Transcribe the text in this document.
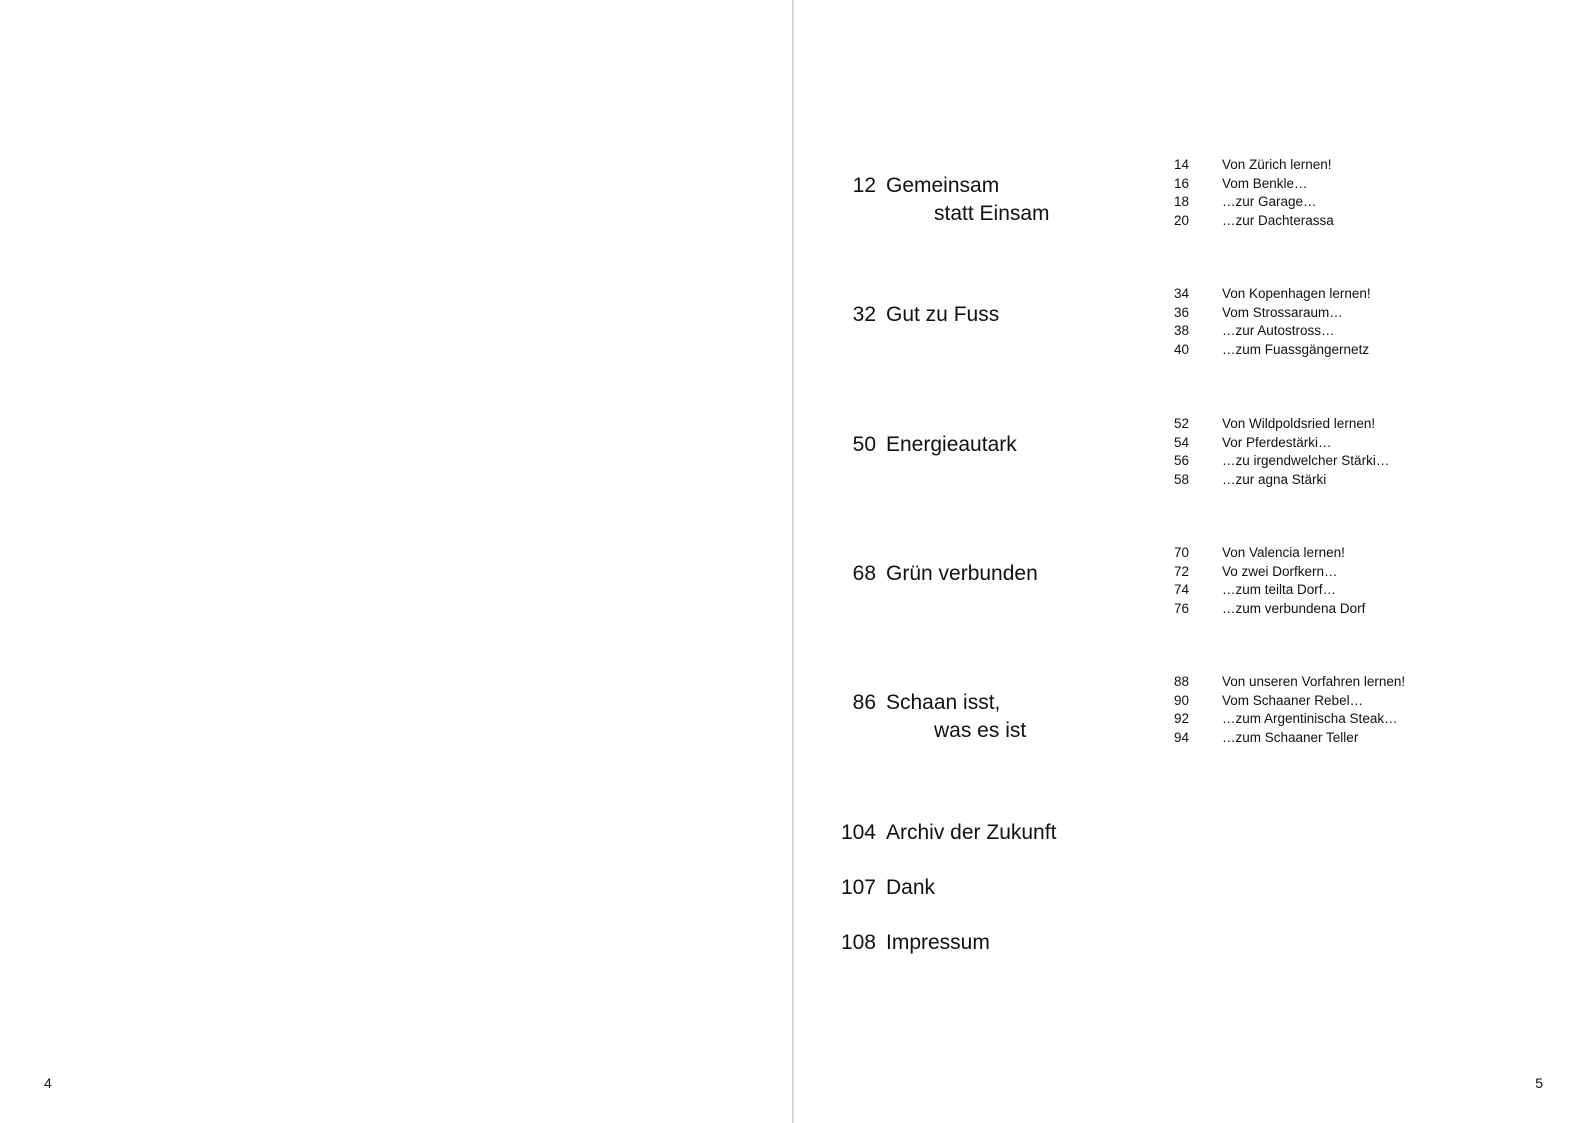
4
12 Gemeinsam
statt Einsam
14	Von Zürich lernen!
16	Vom Benkle…
18	…zur Garage…
20	…zur Dachterassa
32 Gut zu Fuss
34	Von Kopenhagen lernen!
36	Vom Strossaraum…
38	…zur Autostross…
40	…zum Fuassgängernetz
50 Energieautark
52	Von Wildpoldsried lernen!
54	Vor Pferdestärki…
56	…zu irgendwelcher Stärki…
58	…zur agna Stärki
68 Grün verbunden
70	Von Valencia lernen!
72	Vo zwei Dorfkern…
74	…zum teilta Dorf…
76	…zum verbundena Dorf
86 Schaan isst,
was es ist
88	Von unseren Vorfahren lernen!
90	Vom Schaaner Rebel…
92	…zum Argentinischa Steak…
94	…zum Schaaner Teller
104 Archiv der Zukunft
107 Dank
108 Impressum
5
